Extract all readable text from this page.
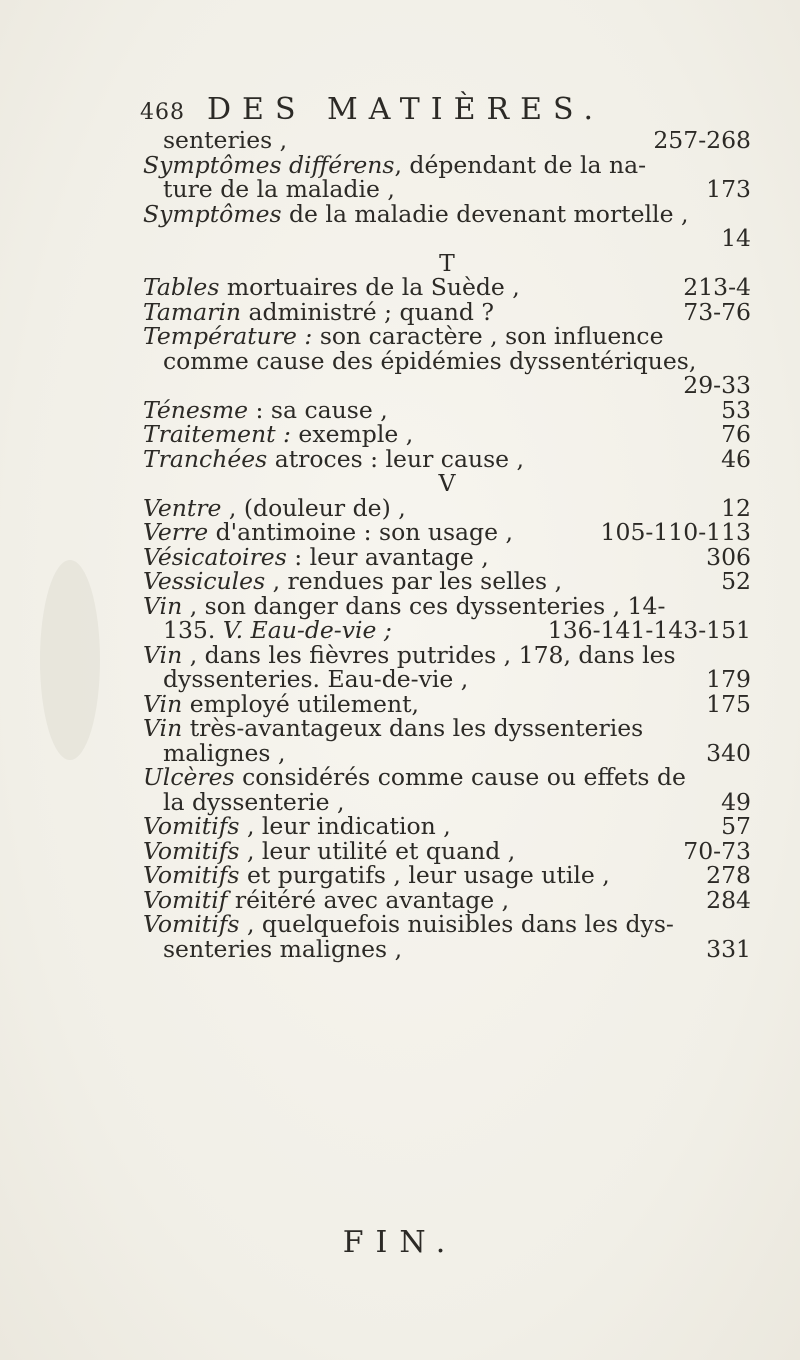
468 DES MATIÈRES.
senteries ,	257-268
Symptômes différens, dépendant de la na-
ture de la maladie ,	173
Symptômes de la maladie devenant mortelle ,
14
T
Tables mortuaires de la Suède ,	213-4
Tamarin administré ; quand ?	73-76
Température : son caractère , son influence
comme cause des épidémies dyssentériques,
29-33
Ténesme : sa cause ,	53
Traitement : exemple ,	76
Tranchées atroces : leur cause ,	46
V
Ventre , (douleur de) ,	12
Verre d'antimoine : son usage ,	105-110-113
Vésicatoires : leur avantage ,	306
Vessicules , rendues par les selles ,	52
Vin , son danger dans ces dyssenteries , 14-
135. V. Eau-de-vie ;	136-141-143-151
Vin , dans les fièvres putrides , 178, dans les
dyssenteries. Eau-de-vie ,	179
Vin employé utilement,	175
Vin très-avantageux dans les dyssenteries
malignes ,	340
Ulcères considérés comme cause ou effets de
la dyssenterie ,	49
Vomitifs , leur indication ,	57
Vomitifs , leur utilité et quand ,	70-73
Vomitifs et purgatifs , leur usage utile ,	278
Vomitif réitéré avec avantage ,	284
Vomitifs , quelquefois nuisibles dans les dys-
senteries malignes ,	331
FIN.
